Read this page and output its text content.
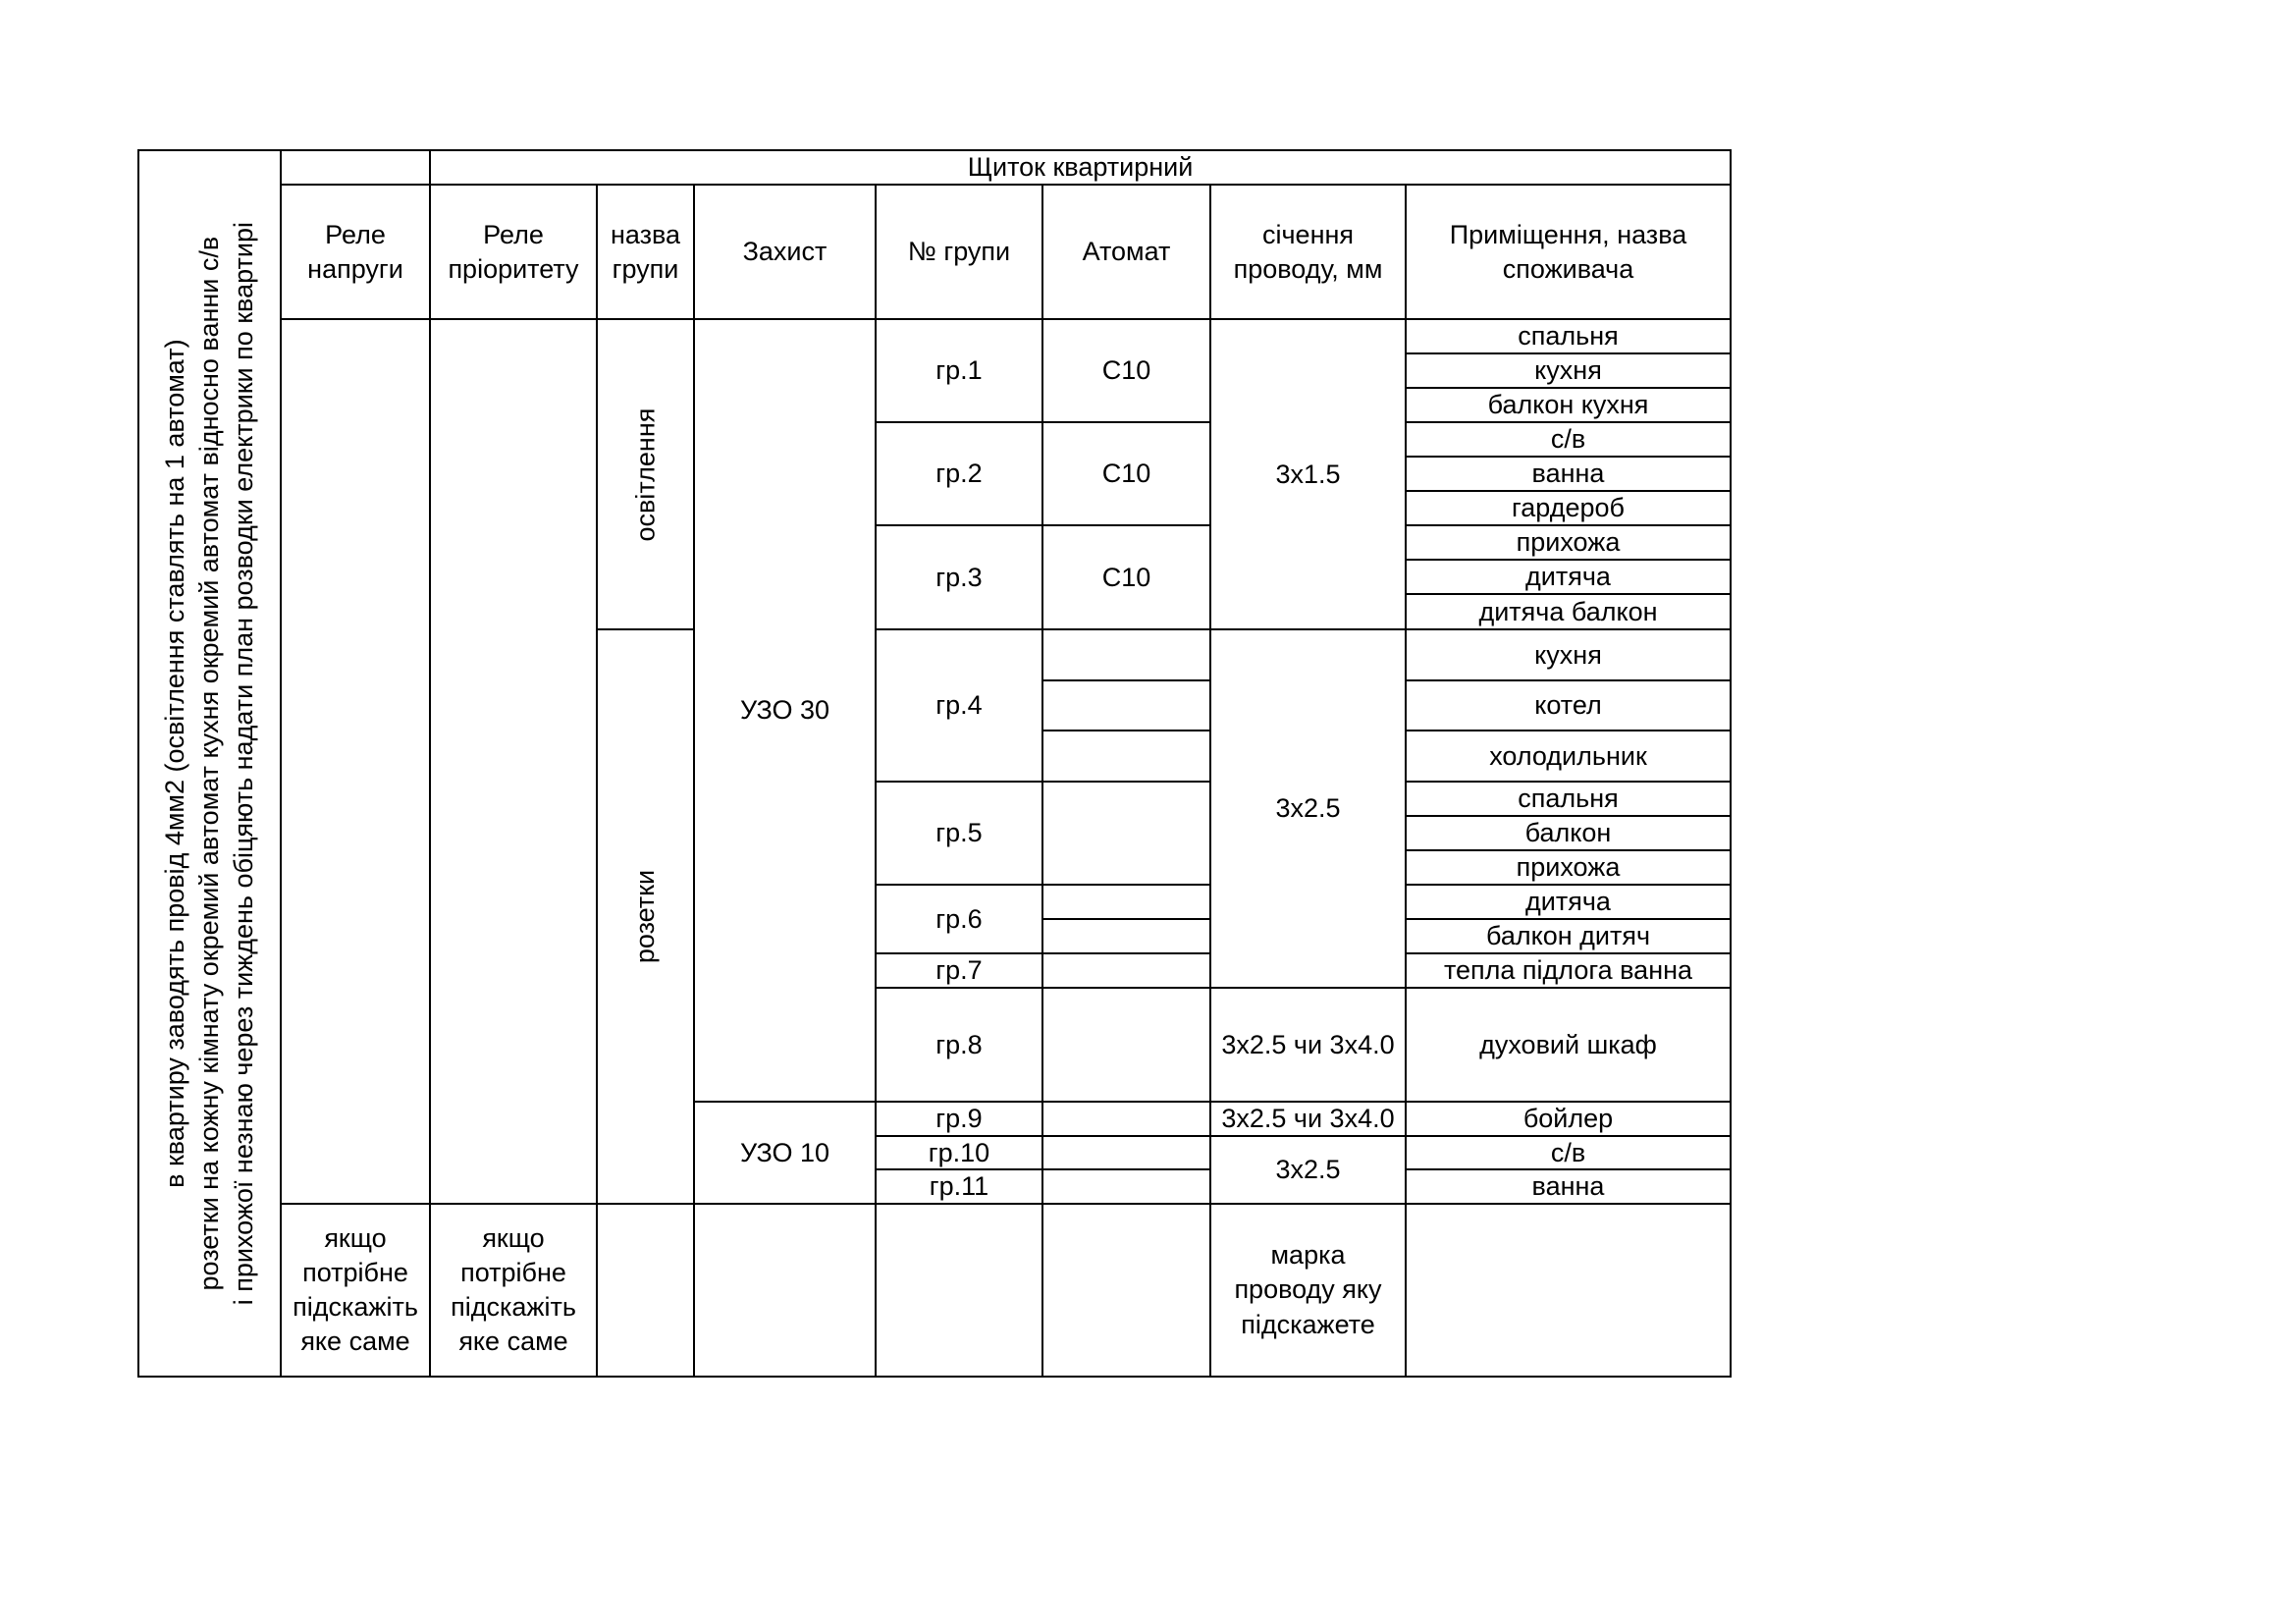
в квартиру заводять провід 4мм2 (освітлення ставлять на 1 автомат) розетки на кожну кімнату окремий автомат кухня окремий автомат відносно ванни с/в і прихожої незнаю через тиждень обіцяють надати план розводки електрики по квартирі
Щиток квартирний
Реле напруги
Реле пріоритету
назва групи
Захист	№ групи	Атомат
січення проводу, мм
Приміщення, назва споживача
освітлення
розетки
УЗО 30
УЗО 10
гр.1
гр.2
гр.3
гр.4
гр.5
гр.6
гр.7
гр.8
гр.9
гр.10
гр.11
С10
С10
С10
3х1.5
3х2.5
3х2.5 чи 3х4.0
3х2.5 чи 3х4.0
3х2.5
спальня
кухня
балкон кухня
с/в
ванна
гардероб
прихожа
дитяча
дитяча балкон
кухня
котел
холодильник
спальня
балкон
прихожа
дитяча
балкон дитяч
тепла підлога ванна
духовий шкаф
бойлер
с/в
ванна
якщо потрібне підскажіть яке саме
якщо потрібне підскажіть яке саме
марка проводу яку підскажете
